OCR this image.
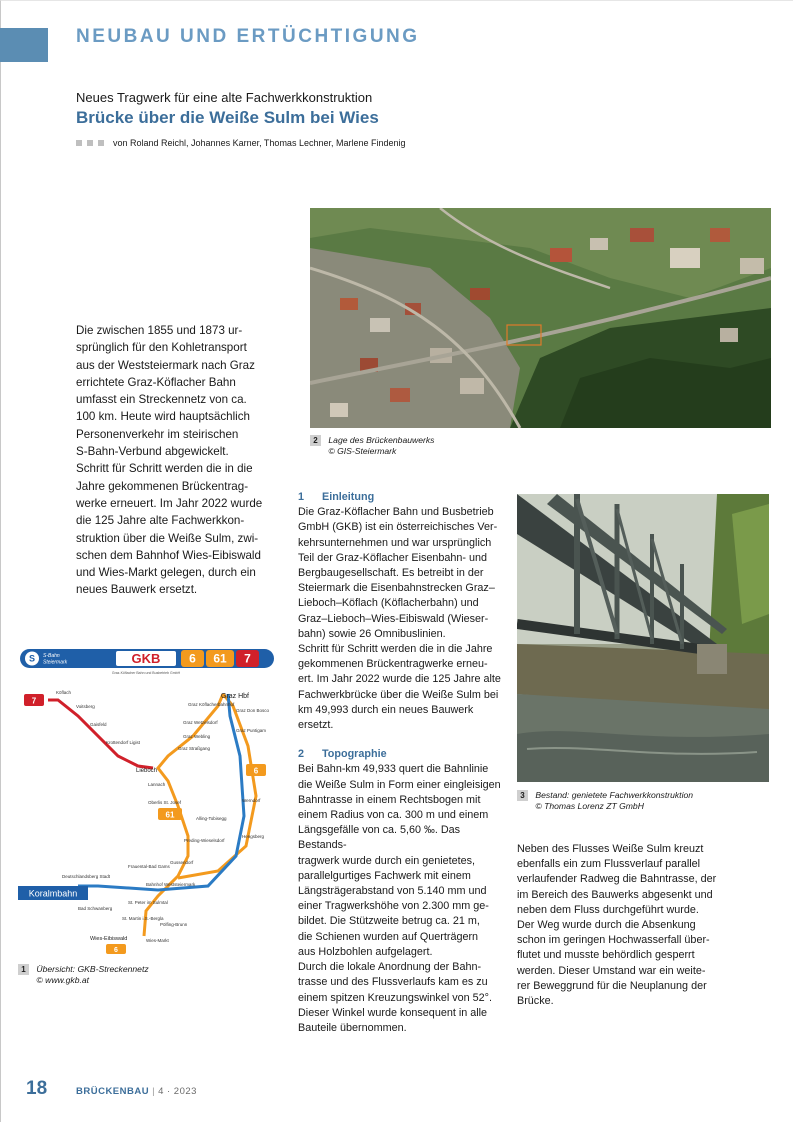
NEUBAU UND ERTÜCHTIGUNG
Neues Tragwerk für eine alte Fachwerkkonstruktion
Brücke über die Weiße Sulm bei Wies
von Roland Reichl, Johannes Karner, Thomas Lechner, Marlene Findenig
Die zwischen 1855 und 1873 ur-
sprünglich für den Kohletransport
aus der Weststeiermark nach Graz
errichtete Graz-Köflacher Bahn
umfasst ein Streckennetz von ca.
100 km. Heute wird hauptsächlich
Personenverkehr im steirischen
S-Bahn-Verbund abgewickelt.
Schritt für Schritt werden die in die
Jahre gekommenen Brückentrag-
werke erneuert. Im Jahr 2022 wurde
die 125 Jahre alte Fachwerkkon-
struktion über die Weiße Sulm, zwi-
schen dem Bahnhof Wies-Eibiswald
und Wies-Markt gelegen, durch ein
neues Bauwerk ersetzt.
2 Lage des Brückenbauwerks
© GIS-Steiermark
3 Bestand: genietete Fachwerkkonstruktion
© Thomas Lorenz ZT GmbH
S S-Bahn
Steiermark	GKB 6 61 7
Graz-Köflacher Bahn und Busbetrieb GmbH
7
Koralmbahn
6
61
6
Köflach
Voitsberg
Gaisfeld
Krottendorf Ligist
Graz Köflacherbahnhof
Graz Wetzelsdorf
Graz Webling
Graz Straßgang
Graz Hbf
Graz Don Bosco
Graz Puntigam
Lieboch
Lannach
Oberlis St. Josef
Alling-Tobisegg
Werndorf
Preding-Wieselsdorf
Hengsberg
Gussendorf
Frauental-Bad Gams
Deutschlandsberg Stadt
Bahnhof Weststeiermark
St. Peter im Sulmtal
Bad Schwanberg
St. Martin i.S.-Bergla
Pölfing-Brunn
Wies-Eibiswald	Wies-Markt
1 Übersicht: GKB-Streckennetz
© www.gkb.at
1 Einleitung

Die Graz-Köflacher Bahn und Busbetrieb

GmbH (GKB) ist ein österreichisches Ver-

kehrsunternehmen und war ursprünglich

Teil der Graz-Köflacher Eisenbahn- und

Bergbaugesellschaft. Es betreibt in der

Steiermark die Eisenbahnstrecken Graz–

Lieboch–Köflach (Köflacherbahn) und

Graz–Lieboch–Wies-Eibiswald (Wieser-

bahn) sowie 26 Omnibuslinien.

Schritt für Schritt werden die in die Jahre

gekommenen Brückentragwerke erneu-

ert. Im Jahr 2022 wurde die 125 Jahre alte

Fachwerkbrücke über die Weiße Sulm bei

km 49,993 durch ein neues Bauwerk

ersetzt.

2 Topographie

Bei Bahn-km 49,933 quert die Bahnlinie

die Weiße Sulm in Form einer eingleisigen

Bahntrasse in einem Rechtsbogen mit

einem Radius von ca. 300 m und einem

Längsgefälle von ca. 5,60 ‰. Das Bestands-

tragwerk wurde durch ein genietetes,

parallelgurtiges Fachwerk mit einem

Längsträgerabstand von 5.140 mm und

einer Tragwerkshöhe von 2.300 mm ge-

bildet. Die Stützweite betrug ca. 21 m,

die Schienen wurden auf Querträgern

aus Holzbohlen aufgelagert.

Durch die lokale Anordnung der Bahn-

trasse und des Flussverlaufs kam es zu

einem spitzen Kreuzungswinkel von 52°.

Dieser Winkel wurde konsequent in alle

Bauteile übernommen.

Neben des Flusses Weiße Sulm kreuzt

ebenfalls ein zum Flussverlauf parallel

verlaufender Radweg die Bahntrasse, der

im Bereich des Bauwerks abgesenkt und

neben dem Fluss durchgeführt wurde.

Der Weg wurde durch die Absenkung

schon im geringen Hochwasserfall über-

flutet und musste behördlich gesperrt

werden. Dieser Umstand war ein weite-

rer Beweggrund für die Neuplanung der

Brücke.

18	BRÜCKENBAU | 4 · 2023
